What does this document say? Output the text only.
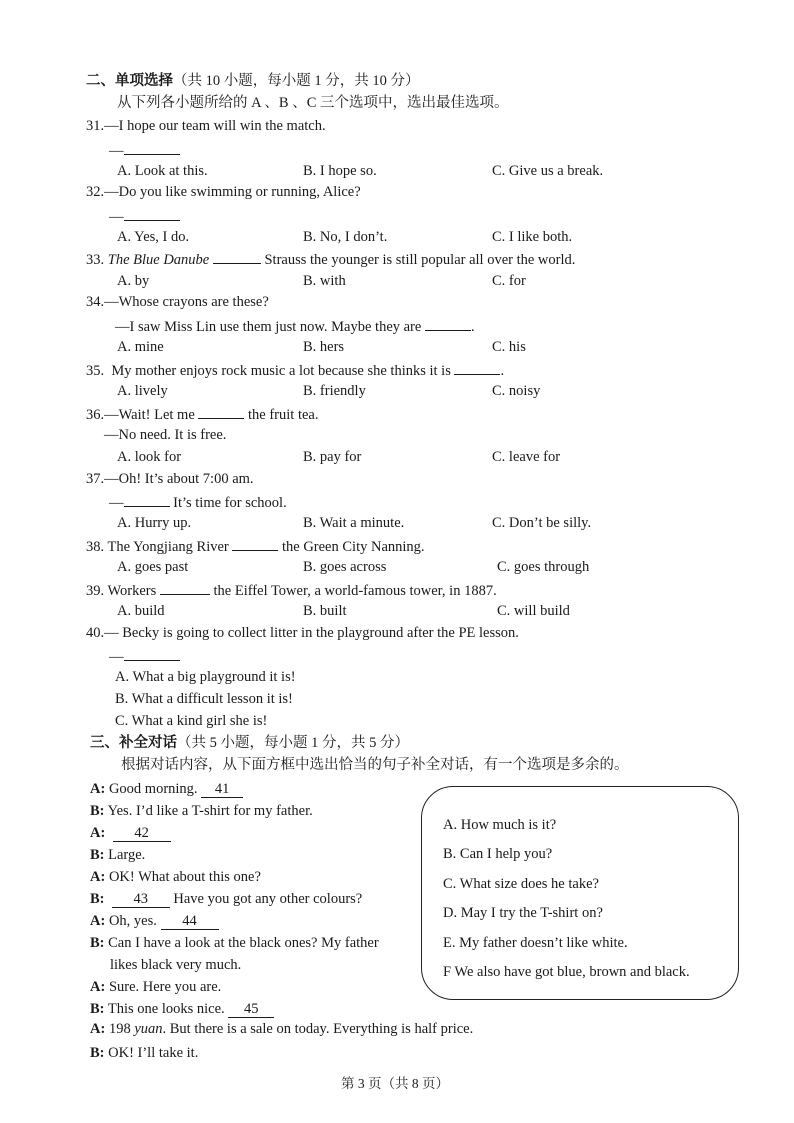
二、单项选择（共 10 小题，每小题 1 分，共 10 分）
从下列各小题所给的 A 、B 、C 三个选项中，选出最佳选项。
31.—I hope our team will win the match.
—
A. Look at this.	B. I hope so.	C. Give us a break.
32.—Do you like swimming or running, Alice?
—
A. Yes, I do.	B. No, I don’t.	C. I like both.
33. The Blue Danube	Strauss the younger is still popular all over the world.
A. by	B. with	C. for
34.—Whose crayons are these?
—I saw Miss Lin use them just now. Maybe they are	.
A. mine	B. hers	C. his
35. My mother enjoys rock music a lot because she thinks it is	.
A. lively	B. friendly	C. noisy
36.—Wait! Let me	the fruit tea.
—No need. It is free.
A. look for	B. pay for	C. leave for
37.—Oh! It’s about 7:00 am.
—	It’s time for school.
A. Hurry up.	B. Wait a minute.	C. Don’t be silly.
38. The Yongjiang River	the Green City Nanning.
A. goes past	B. goes across	C. goes through
39. Workers	the Eiffel Tower, a world-famous tower, in 1887.
A. build	B. built	C. will build
40.— Becky is going to collect litter in the playground after the PE lesson.
—
A. What a big playground it is!
B. What a difficult lesson it is!
C. What a kind girl she is!
三、补全对话（共 5 小题，每小题 1 分，共 5 分）
根据对话内容，从下面方框中选出恰当的句子补全对话，有一个选项是多余的。
A: Good morning. 41
B: Yes. I’d like a T-shirt for my father.
A: 42
B: Large.
A: OK! What about this one?
B: 43 Have you got any other colours?
A: Oh, yes. 44
B: Can I have a look at the black ones? My father
likes black very much.
A: Sure. Here you are.
B: This one looks nice. 45
A: 198 yuan. But there is a sale on today. Everything is half price.
B: OK! I’ll take it.
A. How much is it?
B. Can I help you?
C. What size does he take?
D. May I try the T-shirt on?
E. My father doesn’t like white.
F We also have got blue, brown and black.
第 3 页（共 8 页）
